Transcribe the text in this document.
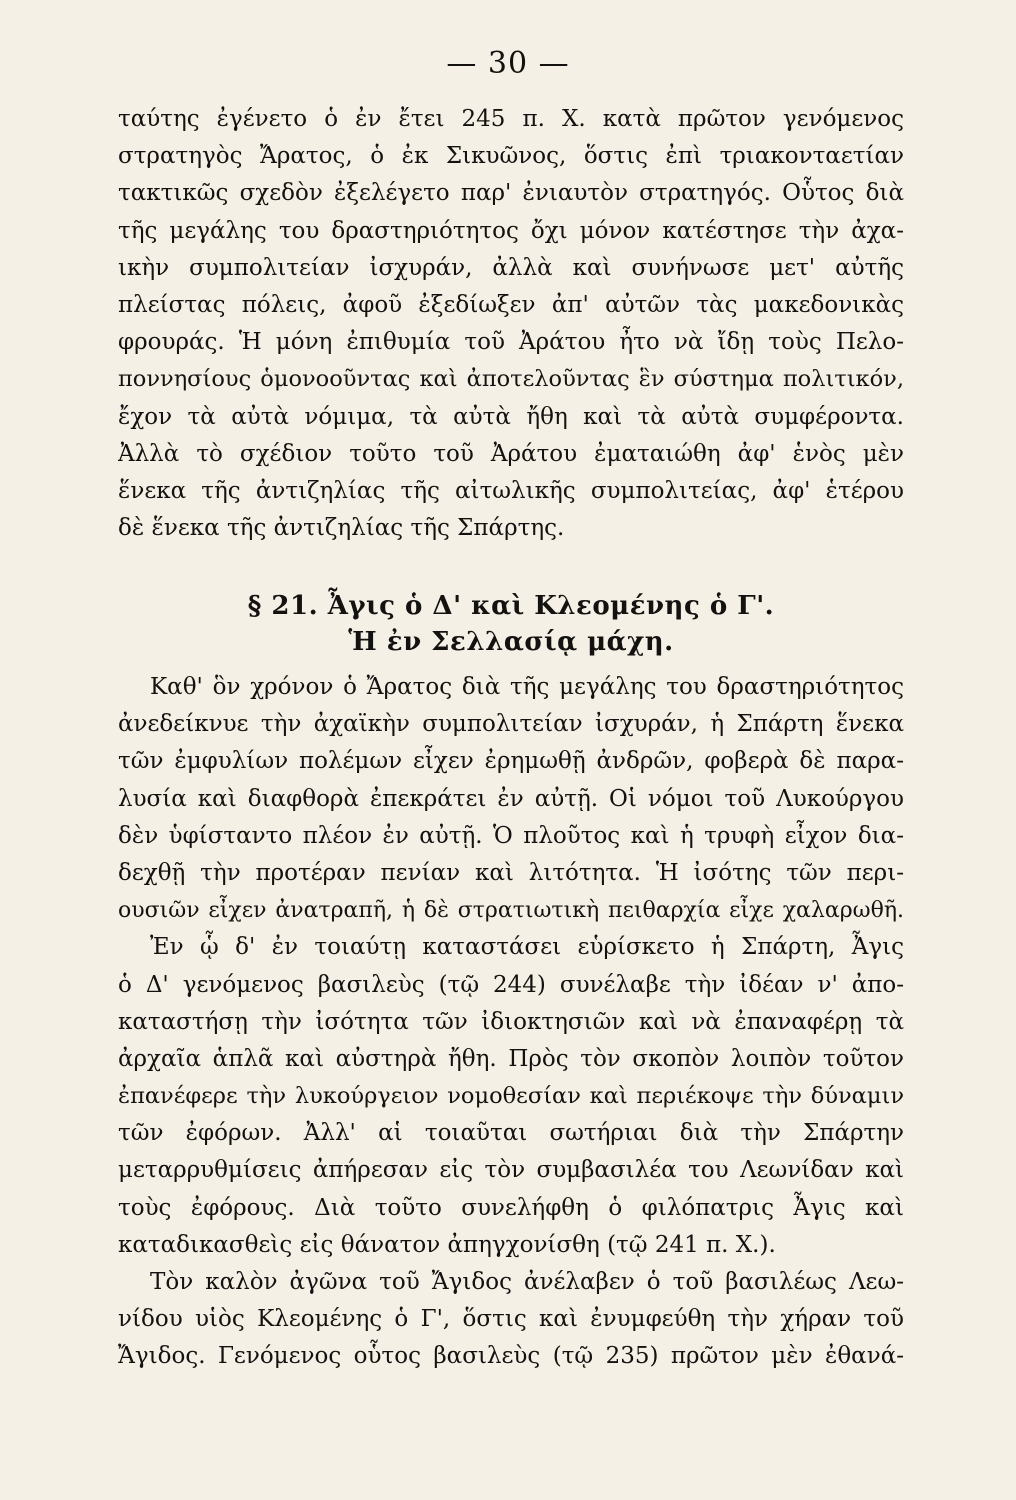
— 30 —
ταύτης ἐγένετο ὁ ἐν ἔτει 245 π. Χ. κατὰ πρῶτον γενόμενος
στρατηγὸς Ἄρατος, ὁ ἐκ Σικυῶνος, ὅστις ἐπὶ τριακονταετίαν
τακτικῶς σχεδὸν ἐξελέγετο παρ' ἐνιαυτὸν στρατηγός. Οὗτος διὰ
τῆς μεγάλης του δραστηριότητος ὄχι μόνον κατέστησε τὴν ἀχα-
ικὴν συμπολιτείαν ἰσχυράν, ἀλλὰ καὶ συνήνωσε μετ' αὐτῆς
πλείστας πόλεις, ἀφοῦ ἐξεδίωξεν ἀπ' αὐτῶν τὰς μακεδονικὰς
φρουράς. Ἡ μόνη ἐπιθυμία τοῦ Ἀράτου ἦτο νὰ ἴδῃ τοὺς Πελο-
ποννησίους ὁμονοοῦντας καὶ ἀποτελοῦντας ἓν σύστημα πολιτικόν,
ἔχον τὰ αὐτὰ νόμιμα, τὰ αὐτὰ ἤθη καὶ τὰ αὐτὰ συμφέροντα.
Ἀλλὰ τὸ σχέδιον τοῦτο τοῦ Ἀράτου ἐματαιώθη ἀφ' ἑνὸς μὲν
ἕνεκα τῆς ἀντιζηλίας τῆς αἰτωλικῆς συμπολιτείας, ἀφ' ἑτέρου
δὲ ἕνεκα τῆς ἀντιζηλίας τῆς Σπάρτης.
§ 21. Ἆγις ὁ Δ' καὶ Κλεομένης ὁ Γ'.
Ἡ ἐν Σελλασίᾳ μάχη.
Καθ' ὃν χρόνον ὁ Ἄρατος διὰ τῆς μεγάλης του δραστηριότητος
ἀνεδείκνυε τὴν ἀχαϊκὴν συμπολιτείαν ἰσχυράν, ἡ Σπάρτη ἕνεκα
τῶν ἐμφυλίων πολέμων εἶχεν ἐρημωθῇ ἀνδρῶν, φοβερὰ δὲ παρα-
λυσία καὶ διαφθορὰ ἐπεκράτει ἐν αὐτῇ. Οἱ νόμοι τοῦ Λυκούργου
δὲν ὑφίσταντο πλέον ἐν αὐτῇ. Ὁ πλοῦτος καὶ ἡ τρυφὴ εἶχον δια-
δεχθῇ τὴν προτέραν πενίαν καὶ λιτότητα. Ἡ ἰσότης τῶν περι-
ουσιῶν εἶχεν ἀνατραπῆ, ἡ δὲ στρατιωτικὴ πειθαρχία εἶχε χαλαρωθῆ.
Ἐν ᾧ δ' ἐν τοιαύτῃ καταστάσει εὑρίσκετο ἡ Σπάρτη, Ἆγις
ὁ Δ' γενόμενος βασιλεὺς (τῷ 244) συνέλαβε τὴν ἰδέαν ν' ἀπο-
καταστήσῃ τὴν ἰσότητα τῶν ἰδιοκτησιῶν καὶ νὰ ἐπαναφέρῃ τὰ
ἀρχαῖα ἁπλᾶ καὶ αὐστηρὰ ἤθη. Πρὸς τὸν σκοπὸν λοιπὸν τοῦτον
ἐπανέφερε τὴν λυκούργειον νομοθεσίαν καὶ περιέκοψε τὴν δύναμιν
τῶν ἐφόρων. Ἀλλ' αἱ τοιαῦται σωτήριαι διὰ τὴν Σπάρτην
μεταρρυθμίσεις ἀπήρεσαν εἰς τὸν συμβασιλέα του Λεωνίδαν καὶ
τοὺς ἐφόρους. Διὰ τοῦτο συνελήφθη ὁ φιλόπατρις Ἆγις καὶ
καταδικασθεὶς εἰς θάνατον ἀπηγχονίσθη (τῷ 241 π. Χ.).
Τὸν καλὸν ἀγῶνα τοῦ Ἄγιδος ἀνέλαβεν ὁ τοῦ βασιλέως Λεω-
νίδου υἱὸς Κλεομένης ὁ Γ', ὅστις καὶ ἐνυμφεύθη τὴν χήραν τοῦ
Ἄγιδος. Γενόμενος οὗτος βασιλεὺς (τῷ 235) πρῶτον μὲν ἐθανά-
